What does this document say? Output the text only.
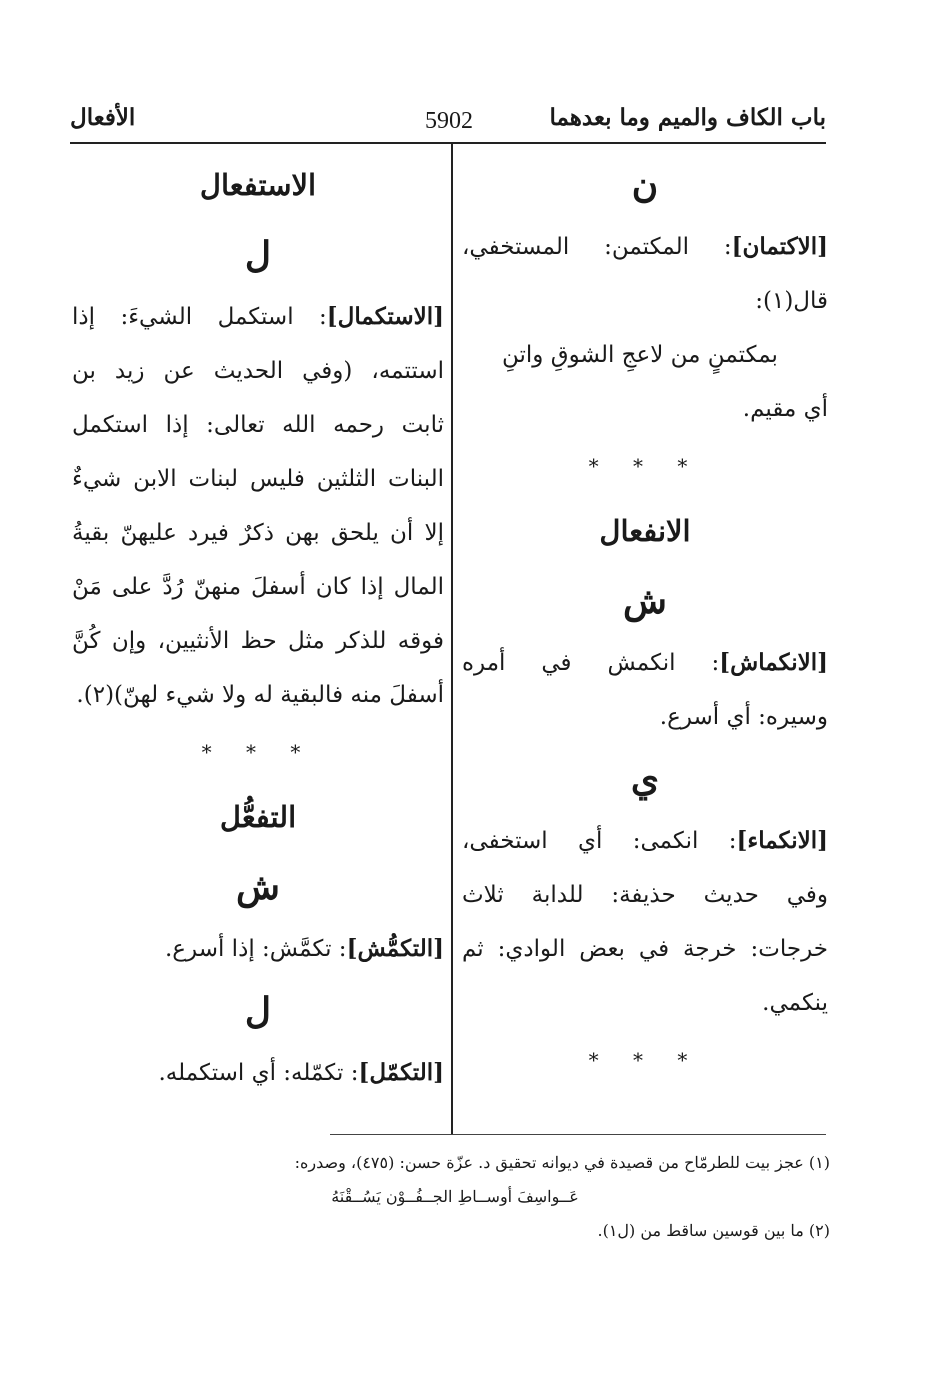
باب الكاف والميم وما بعدهما
5902
الأفعال
ن
[الاكتمان]: المكتمن: المستخفي،
قال(١):
بمكتمنٍ من لاعجِ الشوقِ واتنِ
أي مقيم.
* * *
الانفعال
ش
[الانكماش]: انكمش في أمره
وسيره: أي أسرع.
ي
[الانكماء]: انكمى: أي استخفى،
وفي حديث حذيفة: للدابة ثلاث
خرجات: خرجة في بعض الوادي: ثم
ينكمي.
* * *
الاستفعال
ل
[الاستكمال]: استكمل الشيءَ: إذا
استتمه، (وفي الحديث عن زيد بن
ثابت رحمه الله تعالى: إذا استكمل
البنات الثلثين فليس لبنات الابن شيءٌ
إلا أن يلحق بهن ذكرٌ فيرد عليهنّ بقيةُ
المال إذا كان أسفلَ منهنّ رُدَّ على مَنْ
فوقه للذكر مثل حظ الأنثيين، وإن كُنَّ
أسفلَ منه فالبقية له ولا شيء لهنّ)(٢).
* * *
التفعُّل
ش
[التكمُّش]: تكمَّش: إذا أسرع.
ل
[التكمّل]: تكمّله: أي استكمله.
(١) عجز بيت للطرمّاح من قصيدة في ديوانه تحقيق د. عزّة حسن: (٤٧٥)، وصدره:
عَــواسِفَ أوســاطِ الجــفُــوْن يَسُــقْنَهُ
(٢) ما بين قوسين ساقط من (ل١).
